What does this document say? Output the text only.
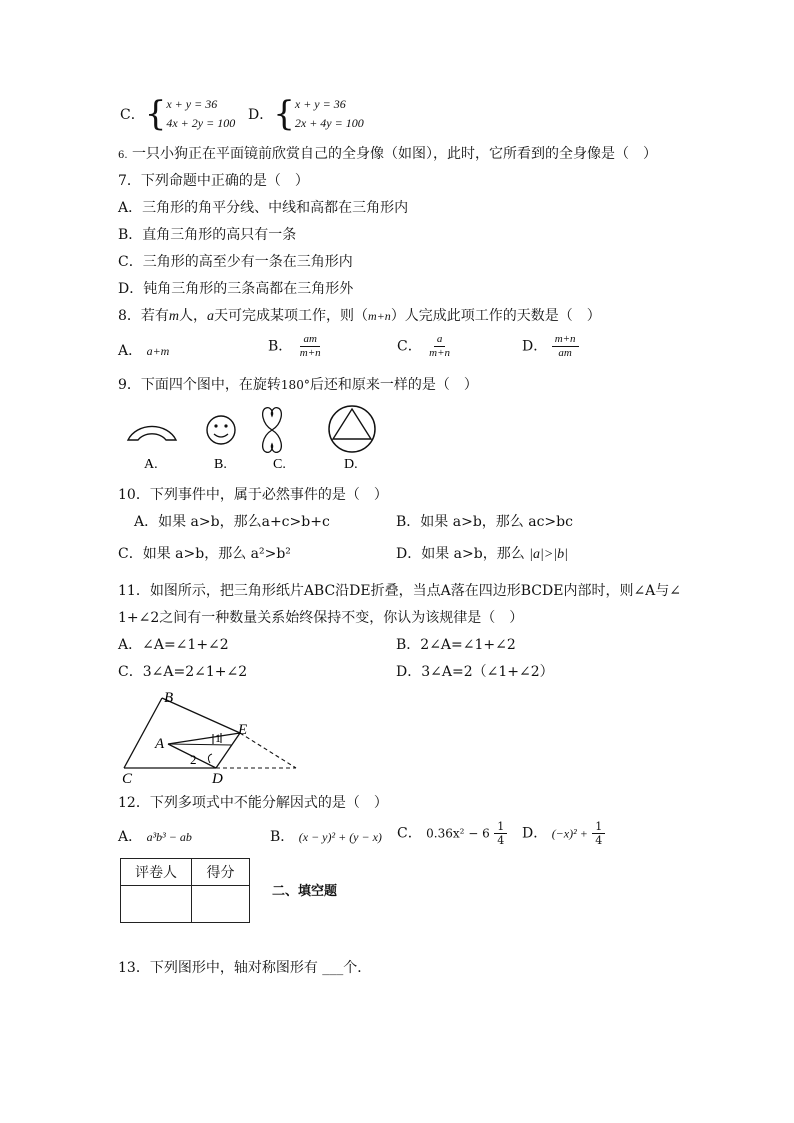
C． { x + y = 36
4x + 2y = 100 D． { x + y = 36
2x + 4y = 100
6. 一只小狗正在平面镜前欣赏自己的全身像（如图），此时，它所看到的全身像是（　）
7．下列命题中正确的是（　）
A．三角形的角平分线、中线和高都在三角形内
B．直角三角形的高只有一条
C．三角形的高至少有一条在三角形内
D．钝角三角形的三条高都在三角形外
8．若有m人，a天可完成某项工作，则（m+n）人完成此项工作的天数是（　）
A． a+m	B． $\frac{am}{m+n}$	C． $\frac{a}{m+n}$	D． $\frac{m+n}{am}$
9．下面四个图中，在旋转180°后还和原来一样的是（　）
A.	B.	C.	D.
10．下列事件中，属于必然事件的是（　）
A．如果 a>b，那么a+c>b+c	B．如果 a>b，那么 ac>bc
C．如果 a>b，那么 a²>b²	D．如果 a>b，那么 |a|>|b|
11．如图所示，把三角形纸片ABC沿DE折叠，当点A落在四边形BCDE内部时，则∠A与∠
1+∠2之间有一种数量关系始终保持不变，你认为该规律是（　）
A．∠A=∠1+∠2	B．2∠A=∠1+∠2
C．3∠A=2∠1+∠2	D．3∠A=2（∠1+∠2）
B
E
A
C	D
1
2
12．下列多项式中不能分解因式的是（　）
A． a³b³ − ab	B． (x − y)² + (y − x) C． $0.36x^2 - 6 \frac{1}{4}$ D． $(-x)^2 + \frac{1}{4}$
评卷人	得分

二、填空题
13．下列图形中，轴对称图形有 ___个．
